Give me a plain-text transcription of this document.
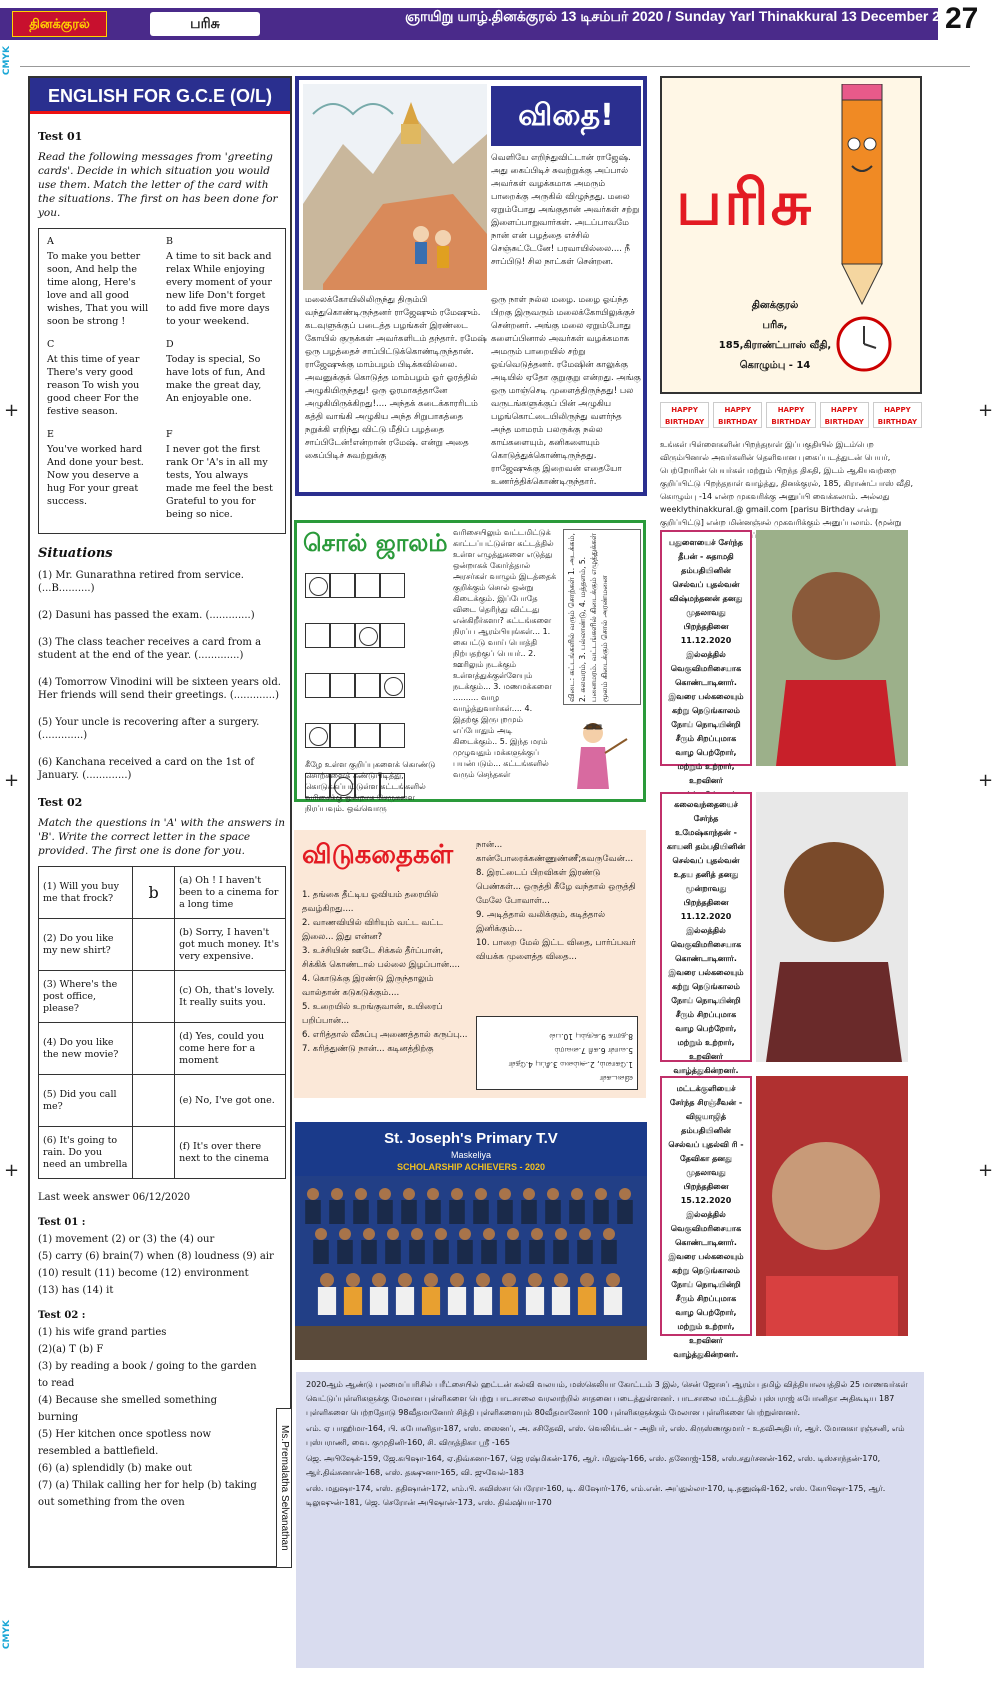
தினக்குரல்	பரிசு	ஞாயிறு யாழ்.தினக்குரல் 13 டிசம்பர் 2020 / Sunday Yarl Thinakkural 13 December 2020
27
CMYK
CMYK
+
+
+
+
+
+
ENGLISH FOR G.C.E (O/L) 2020
Test 01
Read the following messages from 'greeting cards'. Decide in which situation you would use them. Match the letter of the card with the situations. The first on has been done for you.
A
To make you better soon, And help the time along, Here's love and all good wishes, That you will soon be strong !
B
A time to sit back and relax While enjoying every moment of your new life Don't forget to add five more days to your weekend.
C
At this time of year There's very good reason To wish you good cheer For the festive season.
D
Today is special, So have lots of fun, And make the great day, An enjoyable one.
E
You've worked hard And done your best. Now you deserve a hug For your great success.
F
I never got the first rank Or 'A's in all my tests, You always made me feel the best Grateful to you for being so nice.
Situations
(1) Mr. Gunarathna retired from service. (...B..........)
(2) Dasuni has passed the exam. (.............)
(3) The class teacher receives a card from a student at the end of the year. (.............)
(4) Tomorrow Vinodini will be sixteen years old. Her friends will send their greetings. (.............)
(5) Your uncle is recovering after a surgery. (.............)
(6) Kanchana received a card on the 1st of January. (.............)
Test 02
Match the questions in 'A' with the answers in 'B'. Write the correct letter in the space provided. The first one is done for you.
(1) Will you buy me that frock?	b	(a) Oh ! I haven't been to a cinema for a long time
(2) Do you like my new shirt?		(b) Sorry, I haven't got much money. It's very expensive.
(3) Where's the post office, please?		(c) Oh, that's lovely. It really suits you.
(4) Do you like the new movie?		(d) Yes, could you come here for a moment
(5) Did you call me?		(e) No, I've got one.
(6) It's going to rain. Do you need an umbrella		(f) It's over there next to the cinema
Last week answer 06/12/2020
Test 01 :
(1) movement (2) or (3) the (4) our
(5) carry (6) brain(7) when (8) loudness (9) air
(10) result (11) become (12) environment
(13) has (14) it
Test 02 :
(1) his wife grand parties
(2)(a) T (b) F
(3) by reading a book / going to the garden to read
(4) Because she smelled something burning
(5) Her kitchen once spotless now resembled a battlefield.
(6) (a) splendidly (b) make out
(7) (a) Thilak calling her for help (b) taking out something from the oven	Ms.Premalatha Selvanathan
விதை!
வெளியே எறிந்துவிட்டான் ராஜேஷ். அது கைப்பிடிச் சுவற்றுக்கு அப்பால் அவர்கள் வழக்கமாக அமரும் பாறைக்கு அருகில் விழுந்தது. மலை ஏறும்போது அங்குதான் அவர்கள் சற்று இளைப்பாறுவார்கள். அடப்பாவமே நான் என் பழத்தை எச்சில் செஞ்சுட்டேனே! பரவாயில்லை.... நீ சாப்பிடு! சில நாட்கள் சென்றன.
மலைக்கோயிலிலிருந்து திரும்பி வந்துகொண்டிருந்தனர் ராஜேஷும் ரமேஷும். கடவுளுக்குப் படைத்த பழங்கள் இரண்டை கோயில் குருக்கள் அவர்களிடம் தந்தார். ரமேஷ் ஒரு பழத்தைச் சாப்பிட்டுக்கொண்டிருந்தான். ராஜேஷுக்கு மாம்பழம் பிடிக்கவில்லை. அவனுக்குக் கொடுத்த மாம்பழம் ஓர் ஓரத்தில் அழுகியிருந்தது! ஒரு ஓரமாகத்தானே அழுகியிருக்கிறது!.... அந்தக் கடைக்காரரிடம் கத்தி வாங்கி அழுகிய அந்த சிறுபாகத்தை நறுக்கி எறிந்து விட்டு மீதிப் பழத்தை சாப்பிடேன்!என்றான் ரமேஷ். என்று அதை கைப்பிடிச் சுவற்றுக்கு
ஒரு நாள் நல்ல மழை. மழை ஓய்ந்த பிறகு இருவரும் மலைக்கோயிலுக்குச் சென்றனர். அங்கு மலை ஏறும்போது களைப்பினால் அவர்கள் வழக்கமாக அமரும் பாறையில் சற்று ஓய்வெடுத்தனர். ரமேஷின் காலுக்கு அடியில் ஏதோ குறுகுறு என்றது. அங்கு ஒரு மாஞ்செடி முளைத்திருந்தது! பல வருடங்களுக்குப் பின் அழுகிய பழங்கொட்டையிலிருந்து வளர்ந்த அந்த மாமரம் பலருக்கு நல்ல காய்களையும், கனிகளையும் கொடுத்துக்கொண்டிருந்தது. ராஜேஷுக்கு இறைவன் எதையோ உணர்த்திக்கொண்டிருந்தார்.
பரிசு
தினக்குரல்
பரிசு,
185,கிராண்ட்பாஸ் வீதி,
கொழும்பு - 14
HAPPY BIRTHDAY
HAPPY BIRTHDAY
HAPPY BIRTHDAY
HAPPY BIRTHDAY
HAPPY BIRTHDAY
உங்கள் பிள்ளைகளின் பிறந்தநாள் இப்பகுதியில் இடம்பெற விரும்பினால் அவர்களின் தெளிவான புகைப்படத்துடன் பெயர், பெற்றோரின் பெயர்கள் மற்றும் பிறந்த திகதி, இடம் ஆகியவற்றை குறிப்பிட்டு பிறந்தநாள் வாழ்த்து, தினக்குரல், 185, கிராண்ட்பாஸ் வீதி, கொழும்பு -14 என்ற முகவரிக்கு அனுப்பி வைக்கலாம். அல்லது weeklythinakkural.@ gmail.com [parisu Birthday என்று குறிப்பிட்டு] என்ற மின்னஞ்சல் முகவரிக்கும் அனுப்பலாம். (மூன்று
சொல் ஜாலம்
கீழே உள்ள குறிப்புகளைக் கொண்டு சொற்களைக் கண்டுபிடித்து, கொடுக்கப்பட்டுள்ள கட்டங்களில் வரிசைக்கு ஒன்றாக செருகளை நிரப்பவும். ஒவ்வொரு
வரிசையிலும் வட்டமிட்டுக் காட்டப்பட்டுள்ள கட்டத்தில் உள்ள எழுத்துகளை எடுத்து ஒன்றாகக் கோர்த்தால் அரசர்கள் வாழும் இடத்தைக் குறிக்கும் சொல் ஒன்று கிடைக்கும். இப்போதே விடை தெரிந்து விட்டது என்கிறீர்களா? கட்டங்களை நிரப்ப ஆரம்பியுங்கள்... 1. கைபட்டு வாய் பொத்தி நிற்பதற்குப் பெயர்.. 2. ஊரிலும் நடக்கும் உள்ளத்துக்குள்ளேயும் நடக்கும்... 3. மணமக்களை .......... வாழ வாழ்த்துவார்கள்.... 4. இதற்கு இருபுறமும் எப்போதும் அடி கிடைக்கும்.. 5. இந்த மரம் முழுவதும் மக்களுக்குப் பயன்படும்... கட்டங்களில் வரும் செந்தகள்
விடை: கட்டங்களில் வரும் சொற்கள் 1. அடக்கம், 2. கலவரம், 3. பல்லாண்டு, 4. மத்தளம், 5. பனைமரம். வட்டங்களில் கிடைக்கும் எழுத்துக்கள் மூலம் கிடைக்கும் சொல் அரண்மனை
விடுகதைகள்
1. தங்கை தீட்டிய ஓவியம் தரையில் தவழ்கிறது....
2. வாணவியில் விரியும் வட்ட வட்ட இலை... இது என்ன?
3. உச்சியின் ஊடே சிக்கல் தீர்ப்பான், சிக்கிக் கொண்டால் பல்லை இழப்பான்....
4. கொடுக்கு இரண்டு இருந்தாலும் வால்தான் கடுகடுக்கும்....
5. உறையில் உறங்குவான், உயிரைப் பறிப்பான்...
6. எரித்தால் வீசுப்பு அணைத்தால் கருப்பு...
7. கரித்துண்டு நான்... கடினத்திற்கு
நான்... கான்போரைக்கண்ணுண்ணீ;கவருவேன்...
8. இரட்டைப் பிறவிகள் இரண்டு பெண்கள்... ஒருத்தி கீழே வந்தால் ஒருத்தி மேலே போவாள்...
9. அடித்தால் வலிக்கும், கடித்தால் இனிக்கும்...
10. பாறை மேல் இட்ட விதை, பார்ப்பவர் வியக்க முளைத்த விதை...
விடைகள்
1.கோலம், 2.அம்மை 3.சீப்பு 4.தேள்
5.வாள் 6.கரி 7.வைரம்
8.தராசு 9.கரும்பு 10.பல்
St. Joseph's Primary T.V
Maskeliya
SCHOLARSHIP ACHIEVERS - 2020

2020ஆம் ஆண்டு புலமைப்பரிசில் பரீட்சையில் ஹட்டன் கல்வி வலயம், மஸ்கெலியா கோட்டம் 3 இல், சென் ஜோசப் ஆரம்ப தமிழ் வித்தியாலயத்தில் 25 மாணவர்கள் வெட்டுப்புள்ளிகளுக்கு மேலான புள்ளிகளை பெற்று பாடசாலை வரலாற்றில் சாதனை படைத்துள்ளனர். பாடசாலை மட்டத்தில் புஸ்பராஜ் சுபோனிதா அதிகூடிய 187 புள்ளிகளை பெற்றதோடு 98வீதமானோர் சித்தி புள்ளிகளையும் 80வீதமானோர் 100 புள்ளிகளுக்கும் மேலான புள்ளிகளை பெற்றுள்ளனர்.

எம். ஏ பாஹிமா-164, பி. சுபோனிதா-187, எஸ். ஸைனப், அ. சசிதேவி, எஸ். வெலிங்டன் - அதிபர், எஸ். கிருஸ்ணகுமார் - உதவிஅதிபர், ஆர். மோனகா ரஞ்சனி, எம் புஸ்பராணி, வை. குமுதினி-160, சி. விருத்திகா ஸ்ரீ -165

ஜெ. அபிஷேக்-159, ஜே.கபிஷா-164, ஏ.திவ்சுனா-167, ஜெ ரஷ்மிகன்-176, ஆர். மிதுஷ்-166, எஸ். தனோஜ்-158, எஸ்.சதுர்சனன்-162, எஸ். டிஸ்சாந்தன்-170, ஆர்.திவ்சுனான்-168, எஸ். தக்ஷுனா-165, வி. ஜுவேல்-183

எஸ். மதுஷா-174, எஸ். ததிஷான்-172, எம்.பி. சுவிஸ்சா பெரேரா-160, டி. கிஷோர்-176, எம்.என். அப்துல்லா-170, டி.தனுஷ்கி-162, எஸ். கோபிஷா-175, ஆர். டிலுஷுன்-181, ஜெ. செரோன் அபிஷான்-173, எஸ். திவ்ஷியா-170

பதுளையைச் சேர்ந்த தீபன் - சுதாமதி தம்பதியினின் செல்வப் புதல்வன் விஷ்மந்தனன் தனது முதலாவது பிறந்ததினை 11.12.2020 இல்லத்தில் வெகுவிமரிசையாக கொண்டாடினார். இவரை பல்கலையும் கற்று நெடுங்காலம் நோய் நொடியின்றி சீரும் சிறப்புமாக வாழ பெற்றோர், மற்றும் உற்றார், உறவினர்
கலைவந்தையைச் சேர்ந்த உமேஷ்காந்தன் - காயனி தம்பதியினின் செல்வப் புதல்வன் உதய தனித் தனது மூன்றாவது பிறந்ததினை 11.12.2020 இல்லத்தில் வெகுவிமரிசையாக கொண்டாடினார். இவரை பல்கலையும் கற்று நெடுங்காலம் நோய் நொடியின்றி சீரும் சிறப்புமாக வாழ பெற்றோர், மற்றும் உற்றார், உறவினர் வாழ்த்துகின்றனர்.
மட்டக்குளியைச் சேர்ந்த சிரஞ்சீவன் - விஜயாஜித் தம்பதியினின் செல்வப் புதல்வி ரி - தேவிகா தனது முதலாவது பிறந்ததினை 15.12.2020 இல்லத்தில் வெகுவிமரிசையாக கொண்டாடினார். இவரை பல்கலையும் கற்று நெடுங்காலம் நோய் நொடியின்றி சீரும் சிறப்புமாக வாழ பெற்றோர், மற்றும் உற்றார், உறவினர் வாழ்த்துகின்றனர்.
